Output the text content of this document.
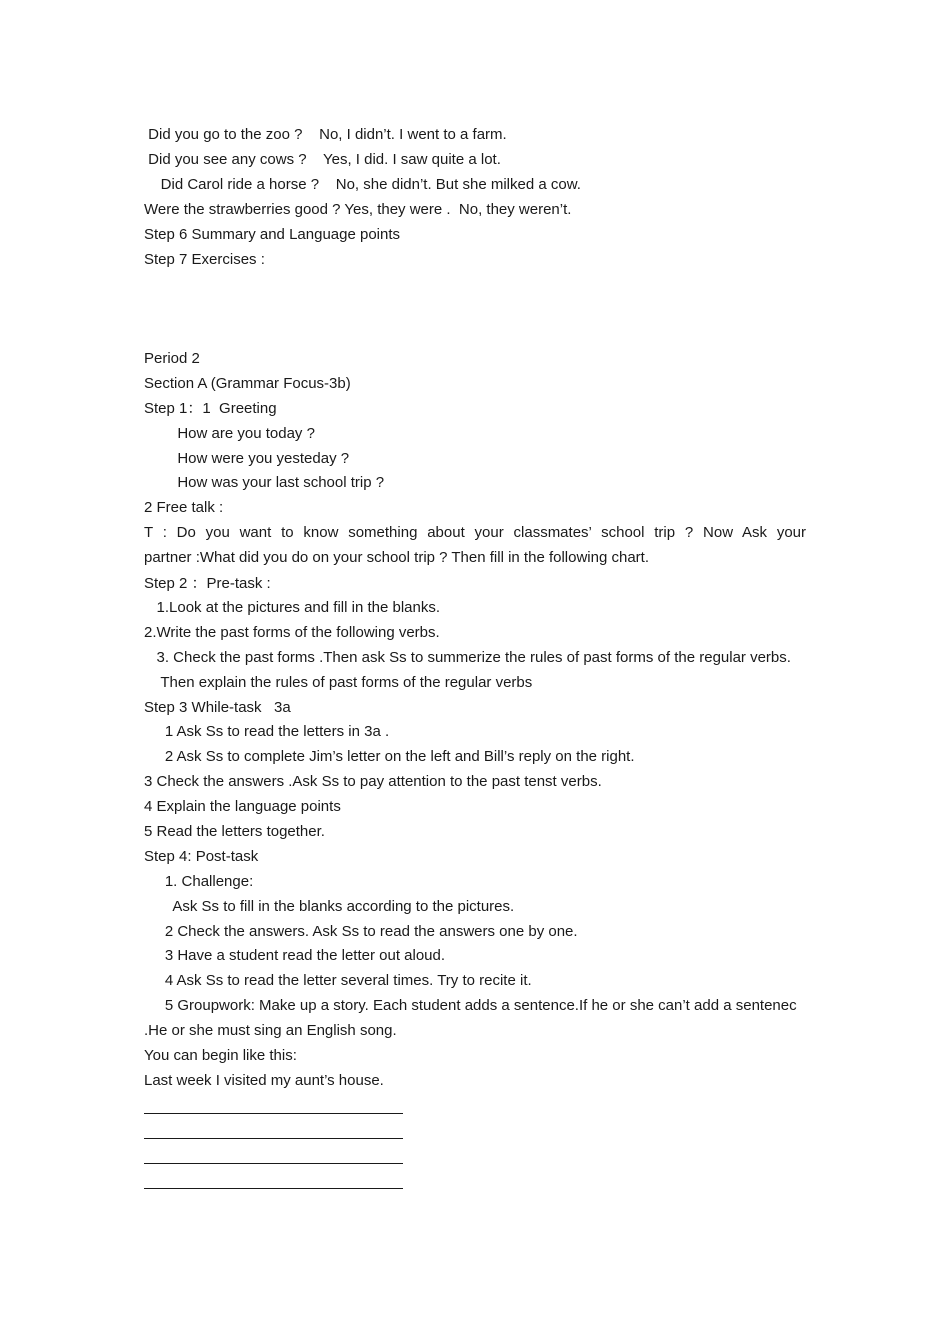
Did you go to the zoo ?    No, I didn’t. I went to a farm.
Did you see any cows ?    Yes, I did. I saw quite a lot.
Did Carol ride a horse ?    No, she didn’t. But she milked a cow.
Were the strawberries good ? Yes, they were .  No, they weren’t.
Step 6 Summary and Language points
Step 7 Exercises :
Period 2
Section A (Grammar Focus-3b)
Step 1：1  Greeting
How are you today ?
How were you yesteday ?
How was your last school trip ?
2 Free talk :
T : Do you want to know something about your classmates’ school trip ? Now Ask your
partner :What did you do on your school trip ? Then fill in the following chart.
Step 2 ：Pre-task :
1.Look at the pictures and fill in the blanks.
2.Write the past forms of the following verbs.
3. Check the past forms .Then ask Ss to summerize the rules of past forms of the regular verbs.
Then explain the rules of past forms of the regular verbs
Step 3 While-task   3a
1 Ask Ss to read the letters in 3a .
2 Ask Ss to complete Jim’s letter on the left and Bill’s reply on the right.
3 Check the answers .Ask Ss to pay attention to the past tenst verbs.
4 Explain the language points
5 Read the letters together.
Step 4: Post-task
1. Challenge:
Ask Ss to fill in the blanks according to the pictures.
2 Check the answers. Ask Ss to read the answers one by one.
3 Have a student read the letter out aloud.
4 Ask Ss to read the letter several times. Try to recite it.
5 Groupwork: Make up a story. Each student adds a sentence.If he or she can’t add a sentenec
.He or she must sing an English song.
You can begin like this:
Last week I visited my aunt’s house.
